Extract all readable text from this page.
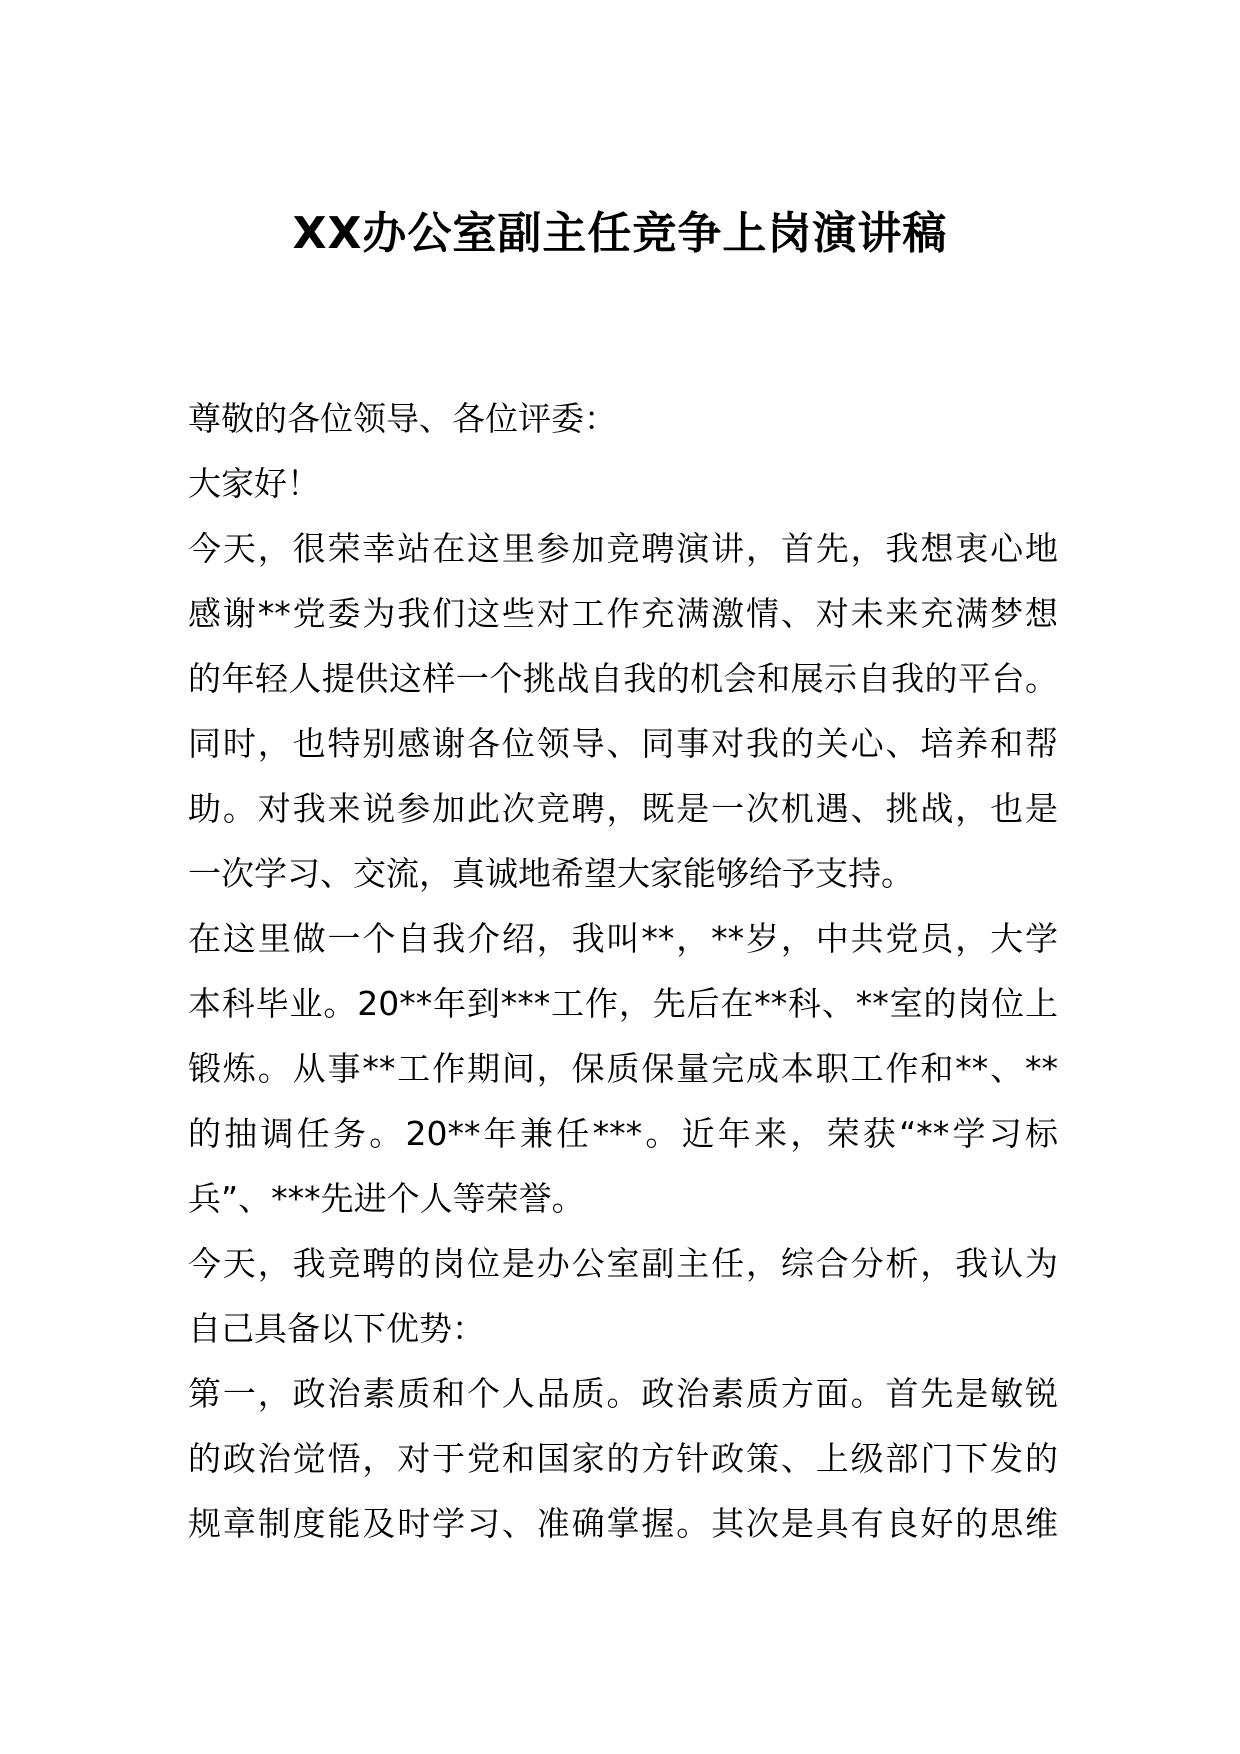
XX办公室副主任竞争上岗演讲稿
尊敬的各位领导、各位评委：
大家好！
今天，很荣幸站在这里参加竞聘演讲，首先，我想衷心地
感谢**党委为我们这些对工作充满激情、对未来充满梦想
的年轻人提供这样一个挑战自我的机会和展示自我的平台。
同时，也特别感谢各位领导、同事对我的关心、培养和帮
助。对我来说参加此次竞聘，既是一次机遇、挑战，也是
一次学习、交流，真诚地希望大家能够给予支持。
在这里做一个自我介绍，我叫**，**岁，中共党员，大学
本科毕业。20**年到***工作，先后在**科、**室的岗位上
锻炼。从事**工作期间，保质保量完成本职工作和**、**
的抽调任务。20**年兼任***。近年来，荣获“**学习标
兵”、***先进个人等荣誉。
今天，我竞聘的岗位是办公室副主任，综合分析，我认为
自己具备以下优势：
第一，政治素质和个人品质。政治素质方面。首先是敏锐
的政治觉悟，对于党和国家的方针政策、上级部门下发的
规章制度能及时学习、准确掌握。其次是具有良好的思维
